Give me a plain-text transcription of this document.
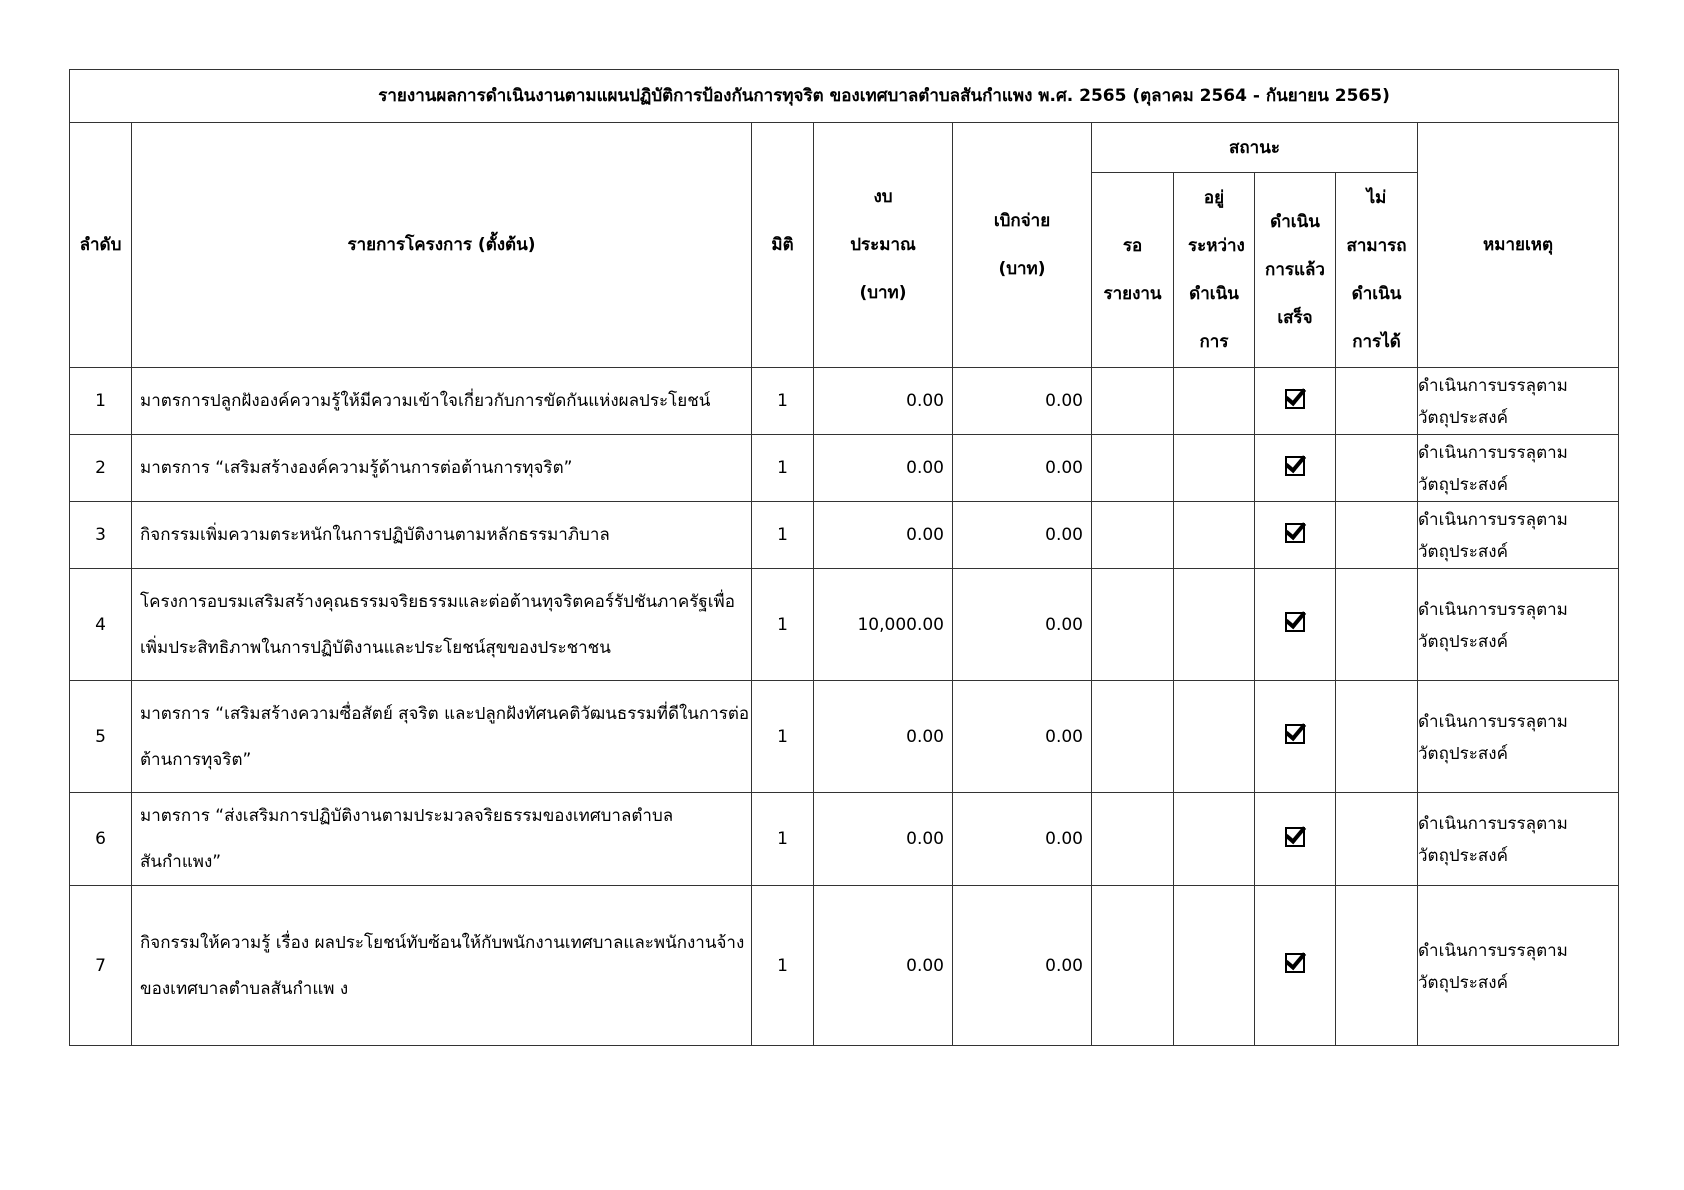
รายงานผลการดำเนินงานตามแผนปฏิบัติการป้องกันการทุจริต ของเทศบาลตำบลสันกำแพง พ.ศ. 2565 (ตุลาคม 2564 - กันยายน 2565)									
ลำดับ	รายการโครงการ (ตั้งต้น)	มิติ	งบประมาณ (บาท)	เบิกจ่าย (บาท)	สถานะ				หมายเหตุ
					รอ รายงาน	อยู่ ระหว่าง ดำเนิน การ	ดำเนิน การแล้ว เสร็จ	ไม่ สามารถ ดำเนิน การได้	
1	มาตรการปลูกฝังองค์ความรู้ให้มีความเข้าใจเกี่ยวกับการขัดกันแห่งผลประโยชน์	1	0.00	0.00					ดำเนินการบรรลุตาม วัตถุประสงค์
2	มาตรการ “เสริมสร้างองค์ความรู้ด้านการต่อต้านการทุจริต”	1	0.00	0.00					ดำเนินการบรรลุตาม วัตถุประสงค์
3	กิจกรรมเพิ่มความตระหนักในการปฏิบัติงานตามหลักธรรมาภิบาล	1	0.00	0.00					ดำเนินการบรรลุตาม วัตถุประสงค์
4	โครงการอบรมเสริมสร้างคุณธรรมจริยธรรมและต่อต้านทุจริตคอร์รัปชันภาครัฐเพื่อเพิ่มประสิทธิภาพในการปฏิบัติงานและประโยชน์สุขของประชาชน	1	10,000.00	0.00					ดำเนินการบรรลุตาม วัตถุประสงค์
5	มาตรการ “เสริมสร้างความซื่อสัตย์ สุจริต และปลูกฝังทัศนคติวัฒนธรรมที่ดีในการต่อต้านการทุจริต”	1	0.00	0.00					ดำเนินการบรรลุตาม วัตถุประสงค์
6	มาตรการ “ส่งเสริมการปฏิบัติงานตามประมวลจริยธรรมของเทศบาลตำบลสันกำแพง”	1	0.00	0.00					ดำเนินการบรรลุตาม วัตถุประสงค์
7	กิจกรรมให้ความรู้ เรื่อง ผลประโยชน์ทับซ้อนให้กับพนักงานเทศบาลและพนักงานจ้างของเทศบาลตำบลสันกำแพ ง	1	0.00	0.00					ดำเนินการบรรลุตาม วัตถุประสงค์
